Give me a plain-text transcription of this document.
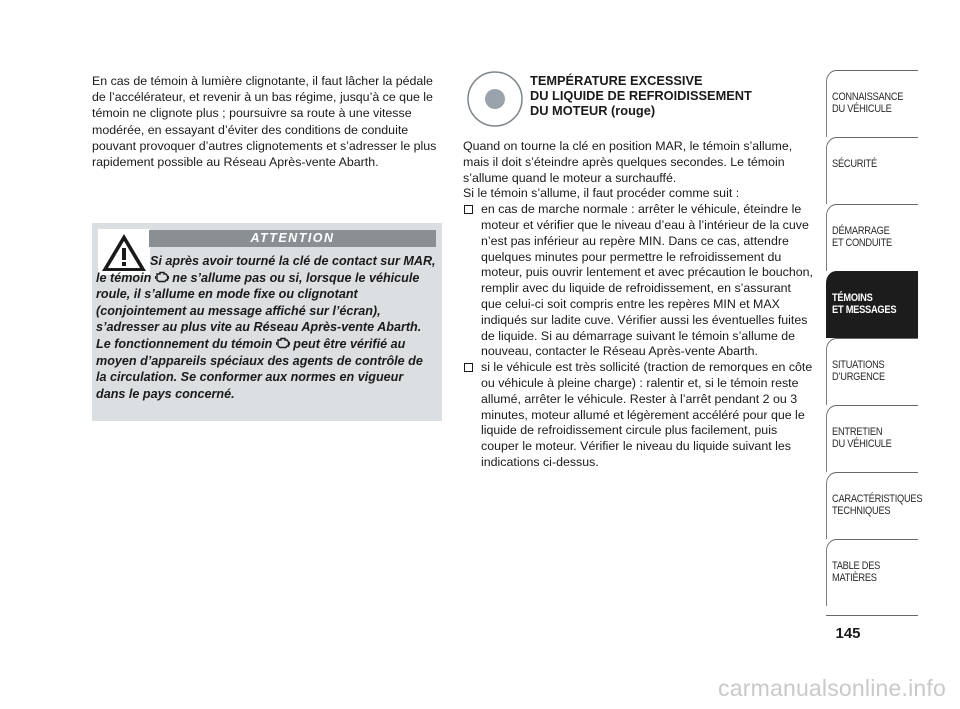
En cas de témoin à lumière clignotante, il faut lâcher la pédale de l’accélérateur, et revenir à un bas régime, jusqu’à ce que le témoin ne clignote plus ; poursuivre sa route à une vitesse modérée, en essayant d’éviter des conditions de conduite pouvant provoquer d’autres clignotements et s’adresser le plus rapidement possible au Réseau Après-vente Abarth.

ATTENTION

Si après avoir tourné la clé de contact sur MAR, le témoin  ne s’allume pas ou si, lorsque le véhicule roule, il s’allume en mode fixe ou clignotant (conjointement au message affiché sur l’écran), s’adresser au plus vite au Réseau Après-vente Abarth. Le fonctionnement du témoin  peut être vérifié au moyen d’appareils spéciaux des agents de contrôle de la circulation. Se conformer aux normes en vigueur dans le pays concerné.

TEMPÉRATURE EXCESSIVE
DU LIQUIDE DE REFROIDISSEMENT
DU MOTEUR (rouge)

Quand on tourne la clé en position MAR, le témoin s’allume, mais il doit s’éteindre après quelques secondes. Le témoin s’allume quand le moteur a surchauffé.

Si le témoin s’allume, il faut procéder comme suit :

en cas de marche normale : arrêter le véhicule, éteindre le moteur et vérifier que le niveau d’eau à l’intérieur de la cuve n’est pas inférieur au repère MIN. Dans ce cas, attendre quelques minutes pour permettre le refroidissement du moteur, puis ouvrir lentement et avec précaution le bouchon, remplir avec du liquide de refroidissement, en s’assurant que celui-ci soit compris entre les repères MIN et MAX indiqués sur ladite cuve. Vérifier aussi les éventuelles fuites de liquide. Si au démarrage suivant le témoin s’allume de nouveau, contacter le Réseau Après-vente Abarth.
si le véhicule est très sollicité (traction de remorques en côte ou véhicule à pleine charge) : ralentir et, si le témoin reste allumé, arrêter le véhicule. Rester à l’arrêt pendant 2 ou 3 minutes, moteur allumé et légèrement accéléré pour que le liquide de refroidissement circule plus facilement, puis couper le moteur. Vérifier le niveau du liquide suivant les indications ci-dessus.
CONNAISSANCE
DU VÉHICULE
SÉCURITÉ
DÉMARRAGE
ET CONDUITE
TÉMOINS
ET MESSAGES
SITUATIONS
D’URGENCE
ENTRETIEN
DU VÉHICULE
CARACTÉRISTIQUES
TECHNIQUES
TABLE DES
MATIÈRES
145
carmanualsonline.info
